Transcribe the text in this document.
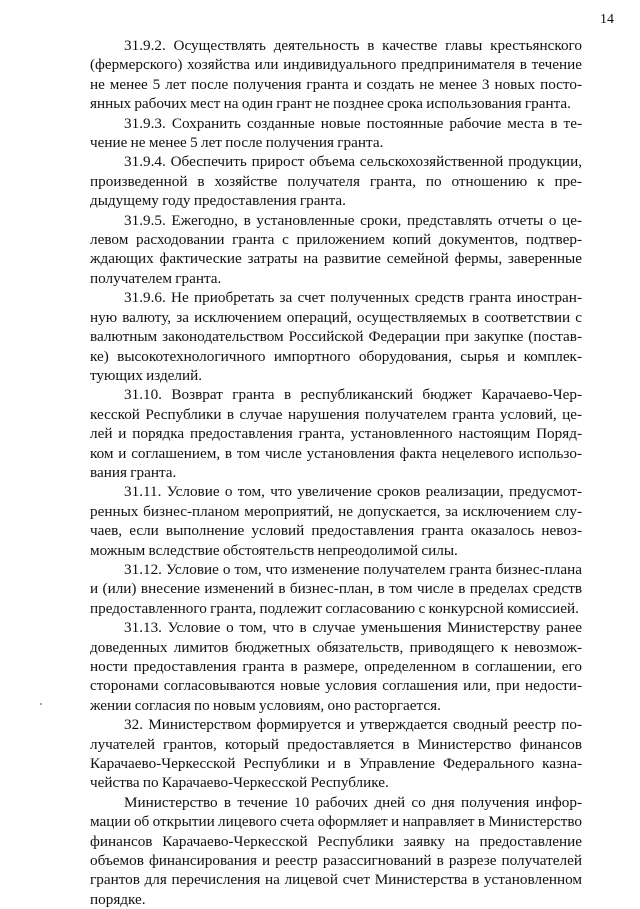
14

31.9.2. Осуществлять деятельность в качестве главы крестьянского (фермерского) хозяйства или индивидуального предпринимателя в течение не менее 5 лет после получения гранта и создать не менее 3 новых постоянных рабочих мест на один грант не позднее срока использования гранта.

31.9.3. Сохранить созданные новые постоянные рабочие места в течение не менее 5 лет после получения гранта.

31.9.4. Обеспечить прирост объема сельскохозяйственной продукции, произведенной в хозяйстве получателя гранта, по отношению к предыдущему году предоставления гранта.

31.9.5. Ежегодно, в установленные сроки, представлять отчеты о целевом расходовании гранта с приложением копий документов, подтверждающих фактические затраты на развитие семейной фермы, заверенные получателем гранта.

31.9.6. Не приобретать за счет полученных средств гранта иностранную валюту, за исключением операций, осуществляемых в соответствии с валютным законодательством Российской Федерации при закупке (поставке) высокотехнологичного импортного оборудования, сырья и комплектующих изделий.

31.10. Возврат гранта в республиканский бюджет Карачаево-Черкесской Республики в случае нарушения получателем гранта условий, целей и порядка предоставления гранта, установленного настоящим Порядком и соглашением, в том числе установления факта нецелевого использования гранта.

31.11. Условие о том, что увеличение сроков реализации, предусмотренных бизнес-планом мероприятий, не допускается, за исключением случаев, если выполнение условий предоставления гранта оказалось невозможным вследствие обстоятельств непреодолимой силы.

31.12. Условие о том, что изменение получателем гранта бизнес-плана и (или) внесение изменений в бизнес-план, в том числе в пределах средств предоставленного гранта, подлежит согласованию с конкурсной комиссией.

31.13. Условие о том, что в случае уменьшения Министерству ранее доведенных лимитов бюджетных обязательств, приводящего к невозможности предоставления гранта в размере, определенном в соглашении, его сторонами согласовываются новые условия соглашения или, при недостижении согласия по новым условиям, оно расторгается.

32. Министерством формируется и утверждается сводный реестр получателей грантов, который предоставляется в Министерство финансов Карачаево-Черкесской Республики и в Управление Федерального казначейства по Карачаево-Черкесской Республике.

Министерство в течение 10 рабочих дней со дня получения информации об открытии лицевого счета оформляет и направляет в Министерство финансов Карачаево-Черкесской Республики заявку на предоставление объемов финансирования и реестр разассигнований в разрезе получателей грантов для перечисления на лицевой счет Министерства в установленном порядке.
